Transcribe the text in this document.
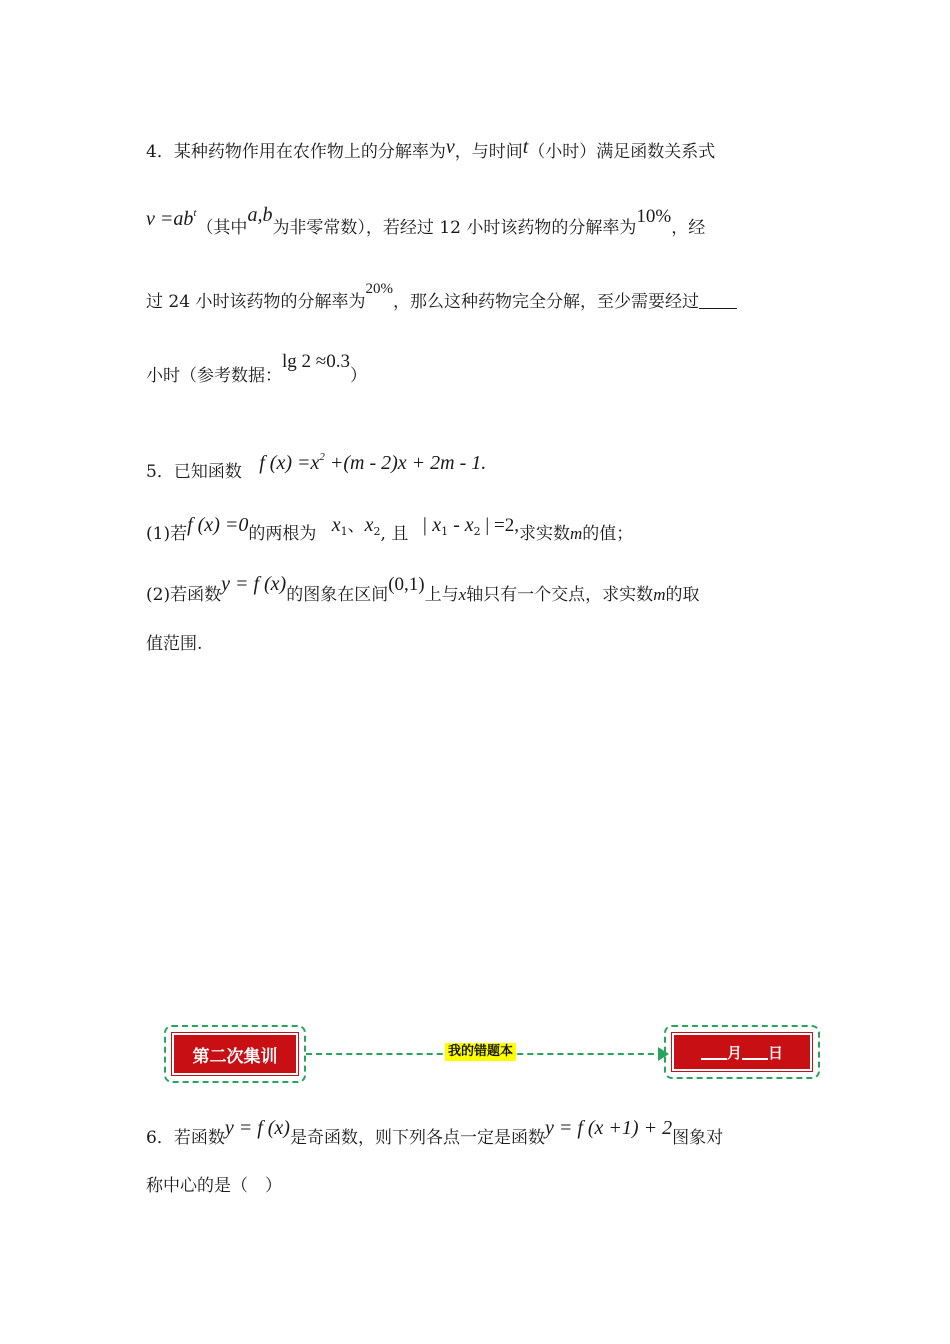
4．某种药物作用在农作物上的分解率为v，与时间t（小时）满足函数关系式
$v =ab^t$（其中a,b为非零常数），若经过 12 小时该药物的分解率为10%，经
过 24 小时该药物的分解率为20%，那么这种药物完全分解，至少需要经过
小时（参考数据：lg 2 ≈0.3）
5．已知函数 f $(x) =x^2 +(m - 2)x + 2m - 1$.
(1)若f (x) =0的两根为 $x_1$、$x_2$, 且 | $x_1 - x_2$ | =2,求实数m的值；
(2)若函数y = f (x)的图象在区间(0,1)上与x轴只有一个交点，求实数m的取
值范围.
第二次集训	我的错题本	月 日
6．若函数y = f (x)是奇函数，则下列各点一定是函数y = f (x +1) + 2图象对
称中心的是（　）
